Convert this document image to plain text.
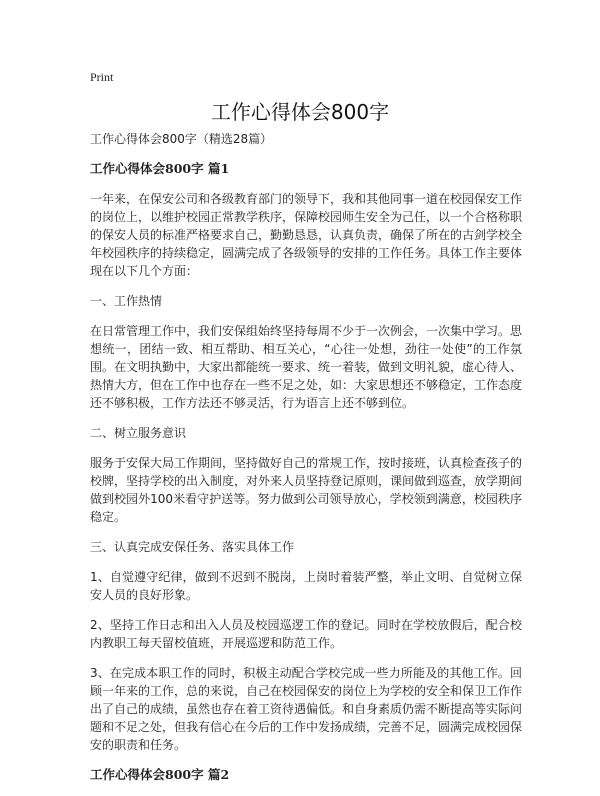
Print
工作心得体会800字
工作心得体会800字（精选28篇）
工作心得体会800字 篇1

一年来，在保安公司和各级教育部门的领导下，我和其他同事一道在校园保安工作的岗位上，以维护校园正常教学秩序，保障校园师生安全为己任，以一个合格称职的保安人员的标准严格要求自己，勤勤恳恳，认真负责，确保了所在的古剑学校全年校园秩序的持续稳定，圆满完成了各级领导的安排的工作任务。具体工作主要体现在以下几个方面：

一、工作热情

在日常管理工作中，我们安保组始终坚持每周不少于一次例会，一次集中学习。思想统一，团结一致、相互帮助、相互关心，“心往一处想，劲往一处使”的工作氛围。在文明执勤中，大家出都能统一要求、统一着装，做到文明礼貌，虚心待人、热情大方，但在工作中也存在一些不足之处，如：大家思想还不够稳定，工作态度还不够积极，工作方法还不够灵活，行为语言上还不够到位。

二、树立服务意识

服务于安保大局工作期间，坚持做好自己的常规工作，按时接班，认真检查孩子的校牌，坚持学校的出入制度，对外来人员坚持登记原则，课间做到巡查，放学期间做到校园外100米看守护送等。努力做到公司领导放心，学校领到满意，校园秩序稳定。

三、认真完成安保任务、落实具体工作

1、自觉遵守纪律，做到不迟到不脱岗，上岗时着装严整，举止文明、自觉树立保安人员的良好形象。

2、坚持工作日志和出入人员及校园巡逻工作的登记。同时在学校放假后，配合校内教职工每天留校值班，开展巡逻和防范工作。

3、在完成本职工作的同时，积极主动配合学校完成一些力所能及的其他工作。回顾一年来的工作，总的来说，自己在校园保安的岗位上为学校的安全和保卫工作作出了自己的成绩，虽然也存在着工资待遇偏低。和自身素质仍需不断提高等实际问题和不足之处，但我有信心在今后的工作中发扬成绩，完善不足，圆满完成校园保安的职责和任务。

工作心得体会800字 篇2
